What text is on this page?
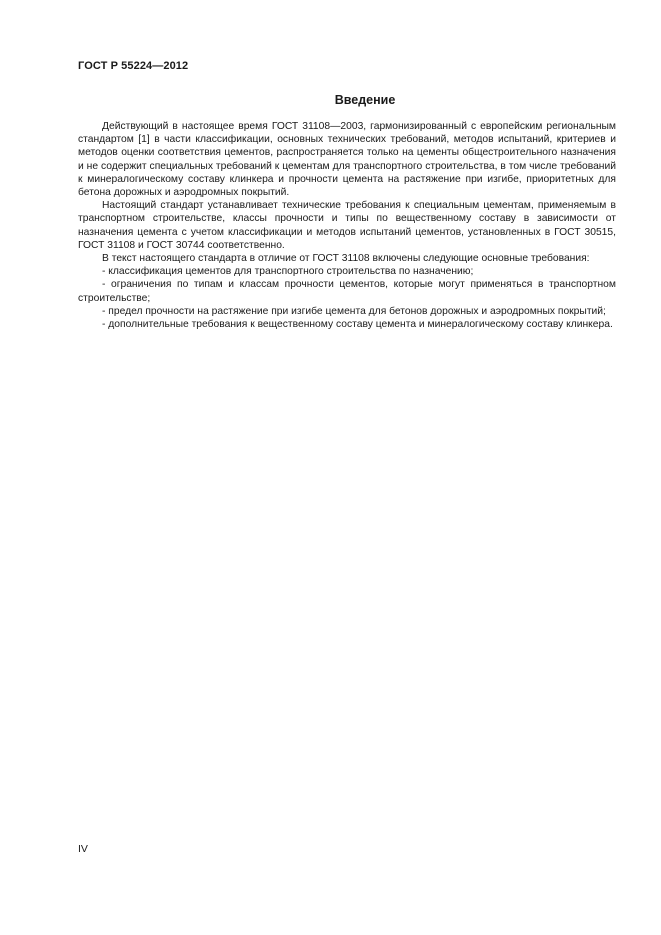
ГОСТ Р 55224—2012
Введение

Действующий в настоящее время ГОСТ 31108—2003, гармонизированный с европейским региональным стандартом [1] в части классификации, основных технических требований, методов испытаний, критериев и методов оценки соответствия цементов, распространяется только на цементы общестроительного назначения и не содержит специальных требований к цементам для транспортного строительства, в том числе требований к минералогическому составу клинкера и прочности цемента на растяжение при изгибе, приоритетных для бетона дорожных и аэродромных покрытий.

Настоящий стандарт устанавливает технические требования к специальным цементам, применяемым в транспортном строительстве, классы прочности и типы по вещественному составу в зависимости от назначения цемента с учетом классификации и методов испытаний цементов, установленных в ГОСТ 30515, ГОСТ 31108 и ГОСТ 30744 соответственно.

В текст настоящего стандарта в отличие от ГОСТ 31108 включены следующие основные требования:

- классификация цементов для транспортного строительства по назначению;

- ограничения по типам и классам прочности цементов, которые могут применяться в транспортном строительстве;

- предел прочности на растяжение при изгибе цемента для бетонов дорожных и аэродромных покрытий;

- дополнительные требования к вещественному составу цемента и минералогическому составу клинкера.

IV
